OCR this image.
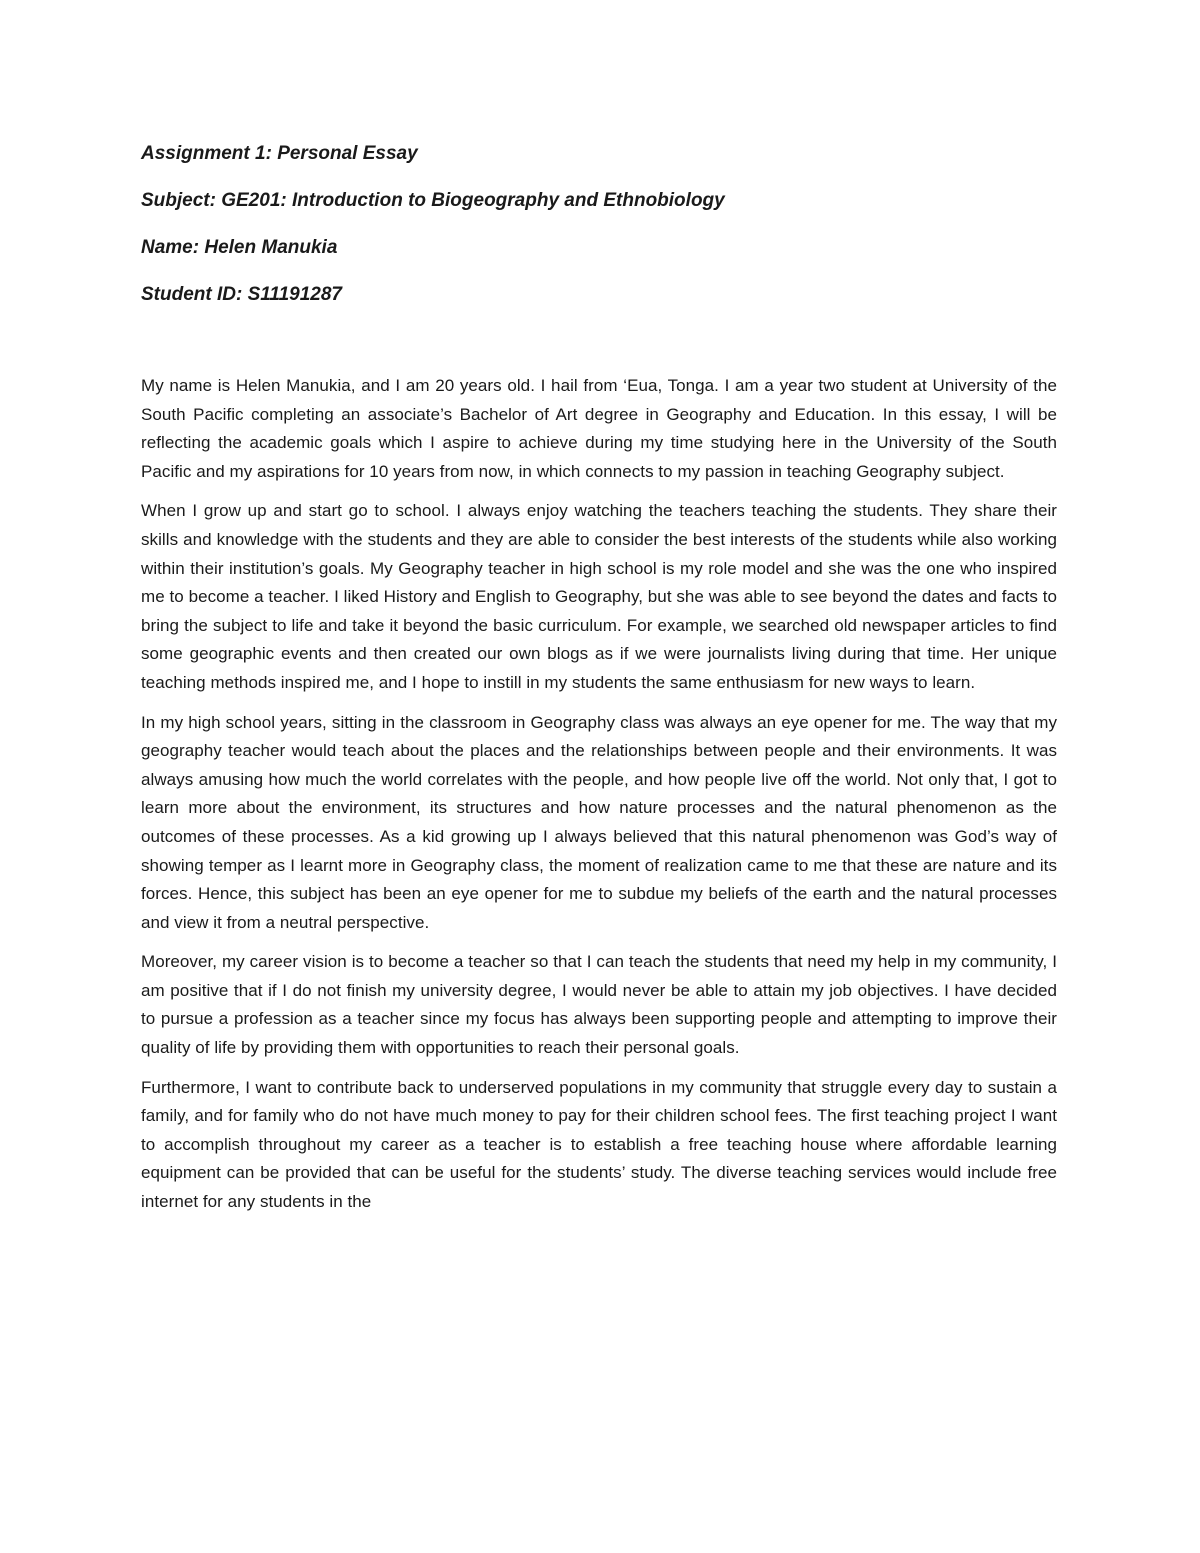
Assignment 1: Personal Essay

Subject: GE201: Introduction to Biogeography and Ethnobiology

Name: Helen Manukia

Student ID: S11191287

My name is Helen Manukia, and I am 20 years old. I hail from ‘Eua, Tonga. I am a year two student at University of the South Pacific completing an associate’s Bachelor of Art degree in Geography and Education. In this essay, I will be reflecting the academic goals which I aspire to achieve during my time studying here in the University of the South Pacific and my aspirations for 10 years from now, in which connects to my passion in teaching Geography subject.

When I grow up and start go to school. I always enjoy watching the teachers teaching the students. They share their skills and knowledge with the students and they are able to consider the best interests of the students while also working within their institution’s goals. My Geography teacher in high school is my role model and she was the one who inspired me to become a teacher. I liked History and English to Geography, but she was able to see beyond the dates and facts to bring the subject to life and take it beyond the basic curriculum. For example, we searched old newspaper articles to find some geographic events and then created our own blogs as if we were journalists living during that time. Her unique teaching methods inspired me, and I hope to instill in my students the same enthusiasm for new ways to learn.

In my high school years, sitting in the classroom in Geography class was always an eye opener for me. The way that my geography teacher would teach about the places and the relationships between people and their environments. It was always amusing how much the world correlates with the people, and how people live off the world. Not only that, I got to learn more about the environment, its structures and how nature processes and the natural phenomenon as the outcomes of these processes. As a kid growing up I always believed that this natural phenomenon was God’s way of showing temper as I learnt more in Geography class, the moment of realization came to me that these are nature and its forces. Hence, this subject has been an eye opener for me to subdue my beliefs of the earth and the natural processes and view it from a neutral perspective.

Moreover, my career vision is to become a teacher so that I can teach the students that need my help in my community, I am positive that if I do not finish my university degree, I would never be able to attain my job objectives. I have decided to pursue a profession as a teacher since my focus has always been supporting people and attempting to improve their quality of life by providing them with opportunities to reach their personal goals.

Furthermore, I want to contribute back to underserved populations in my community that struggle every day to sustain a family, and for family who do not have much money to pay for their children school fees. The first teaching project I want to accomplish throughout my career as a teacher is to establish a free teaching house where affordable learning equipment can be provided that can be useful for the students’ study. The diverse teaching services would include free internet for any students in the
